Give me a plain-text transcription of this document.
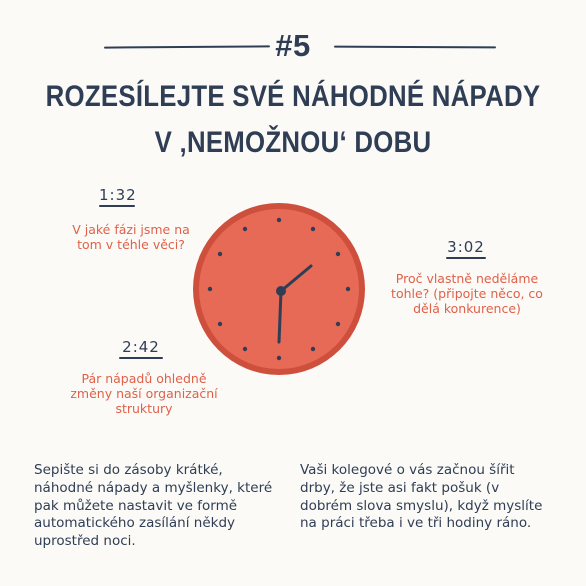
#5
ROZESÍLEJTE SVÉ NÁHODNÉ NÁPADY
V ‚NEMOŽNOU‘ DOBU
1:32
V jaké fázi jsme na tom v téhle věci?	3:02
Proč vlastně neděláme tohle? (připojte něco, co dělá konkurence)
2:42
Pár nápadů ohledně změny naší organizační struktury
Sepište si do zásoby krátké, náhodné nápady a myšlenky, které pak můžete nastavit ve formě automatického zasílání někdy uprostřed noci.
Vaši kolegové o vás začnou šířit drby, že jste asi fakt pošuk (v dobrém slova smyslu), když myslíte na práci třeba i ve tři hodiny ráno.
